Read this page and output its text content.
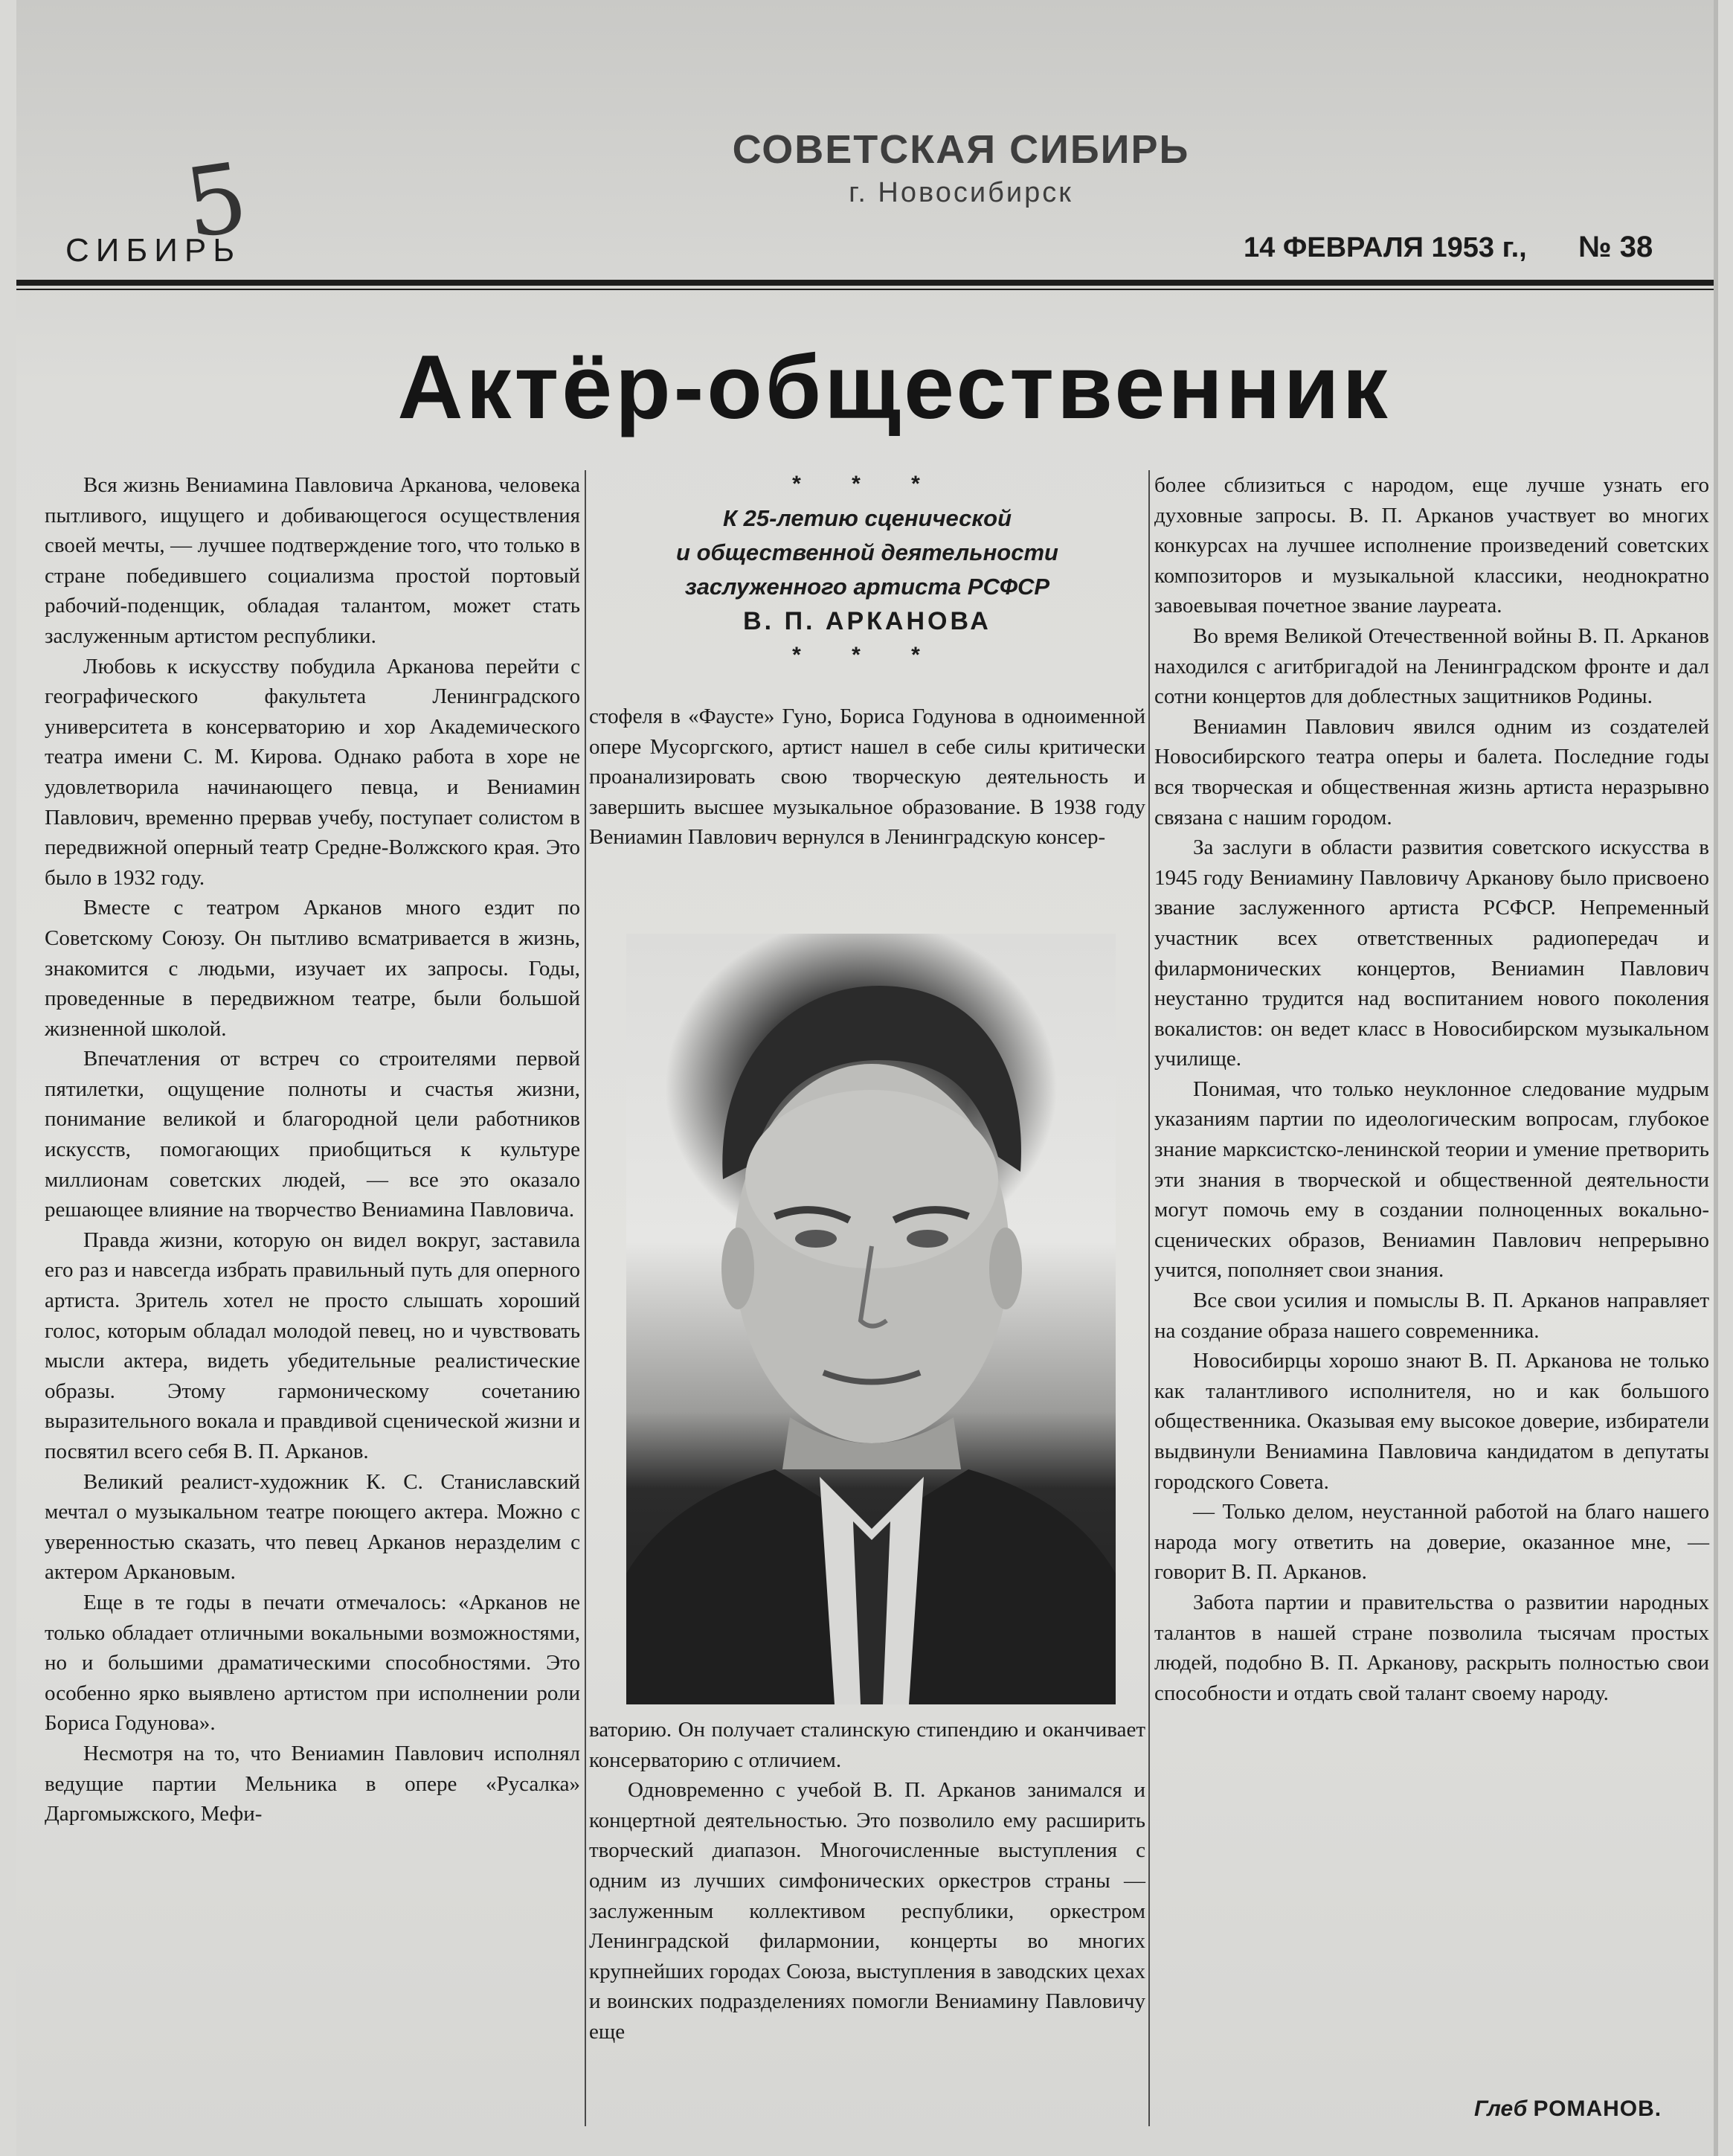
СОВЕТСКАЯ СИБИРЬ
г. Новосибирск
5
СИБИРЬ	14 ФЕВРАЛЯ 1953 г., № 38
Актёр-общественник

Вся жизнь Вениамина Павловича Арканова, человека пытливого, ищущего и добивающегося осуществления своей мечты, — лучшее подтверждение того, что только в стране победившего социализма простой портовый рабочий-поденщик, обладая талантом, может стать заслуженным артистом республики.

Любовь к искусству побудила Арканова перейти с географического факультета Ленинградского университета в консерваторию и хор Академического театра имени С. М. Кирова. Однако работа в хоре не удовлетворила начинающего певца, и Вениамин Павлович, временно прервав учебу, поступает солистом в передвижной оперный театр Средне-Волжского края. Это было в 1932 году.

Вместе с театром Арканов много ездит по Советскому Союзу. Он пытливо всматривается в жизнь, знакомится с людьми, изучает их запросы. Годы, проведенные в передвижном театре, были большой жизненной школой.

Впечатления от встреч со строителями первой пятилетки, ощущение полноты и счастья жизни, понимание великой и благородной цели работников искусств, помогающих приобщиться к культуре миллионам советских людей, — все это оказало решающее влияние на творчество Вениамина Павловича.

Правда жизни, которую он видел вокруг, заставила его раз и навсегда избрать правильный путь для оперного артиста. Зритель хотел не просто слышать хороший голос, которым обладал молодой певец, но и чувствовать мысли актера, видеть убедительные реалистические образы. Этому гармоническому сочетанию выразительного вокала и правдивой сценической жизни и посвятил всего себя В. П. Арканов.

Великий реалист-художник К. С. Станиславский мечтал о музыкальном театре поющего актера. Можно с уверенностью сказать, что певец Арканов неразделим с актером Аркановым.

Еще в те годы в печати отмечалось: «Арканов не только обладает отличными вокальными возможностями, но и большими драматическими способностями. Это особенно ярко выявлено артистом при исполнении роли Бориса Годунова».

Несмотря на то, что Вениамин Павлович исполнял ведущие партии Мельника в опере «Русалка» Даргомыжского, Мефи-

* * *
К 25-летию сценической
и общественной деятельности
заслуженного артиста РСФСР
В. П. АРКАНОВА
* * *

стофеля в «Фаусте» Гуно, Бориса Годунова в одноименной опере Мусоргского, артист нашел в себе силы критически проанализировать свою творческую деятельность и завершить высшее музыкальное образование. В 1938 году Вениамин Павлович вернулся в Ленинградскую консер-

ваторию. Он получает сталинскую стипендию и оканчивает консерваторию с отличием.

Одновременно с учебой В. П. Арканов занимался и концертной деятельностью. Это позволило ему расширить творческий диапазон. Многочисленные выступления с одним из лучших симфонических оркестров страны — заслуженным коллективом республики, оркестром Ленинградской филармонии, концерты во многих крупнейших городах Союза, выступления в заводских цехах и воинских подразделениях помогли Вениамину Павловичу еще

более сблизиться с народом, еще лучше узнать его духовные запросы. В. П. Арканов участвует во многих конкурсах на лучшее исполнение произведений советских композиторов и музыкальной классики, неоднократно завоевывая почетное звание лауреата.

Во время Великой Отечественной войны В. П. Арканов находился с агитбригадой на Ленинградском фронте и дал сотни концертов для доблестных защитников Родины.

Вениамин Павлович явился одним из создателей Новосибирского театра оперы и балета. Последние годы вся творческая и общественная жизнь артиста неразрывно связана с нашим городом.

За заслуги в области развития советского искусства в 1945 году Вениамину Павловичу Арканову было присвоено звание заслуженного артиста РСФСР. Непременный участник всех ответственных радиопередач и филармонических концертов, Вениамин Павлович неустанно трудится над воспитанием нового поколения вокалистов: он ведет класс в Новосибирском музыкальном училище.

Понимая, что только неуклонное следование мудрым указаниям партии по идеологическим вопросам, глубокое знание марксистско-ленинской теории и умение претворить эти знания в творческой и общественной деятельности могут помочь ему в создании полноценных вокально-сценических образов, Вениамин Павлович непрерывно учится, пополняет свои знания.

Все свои усилия и помыслы В. П. Арканов направляет на создание образа нашего современника.

Новосибирцы хорошо знают В. П. Арканова не только как талантливого исполнителя, но и как большого общественника. Оказывая ему высокое доверие, избиратели выдвинули Вениамина Павловича кандидатом в депутаты городского Совета.

— Только делом, неустанной работой на благо нашего народа могу ответить на доверие, оказанное мне, — говорит В. П. Арканов.

Забота партии и правительства о развитии народных талантов в нашей стране позволила тысячам простых людей, подобно В. П. Арканову, раскрыть полностью свои способности и отдать свой талант своему народу.

Глеб РОМАНОВ.
